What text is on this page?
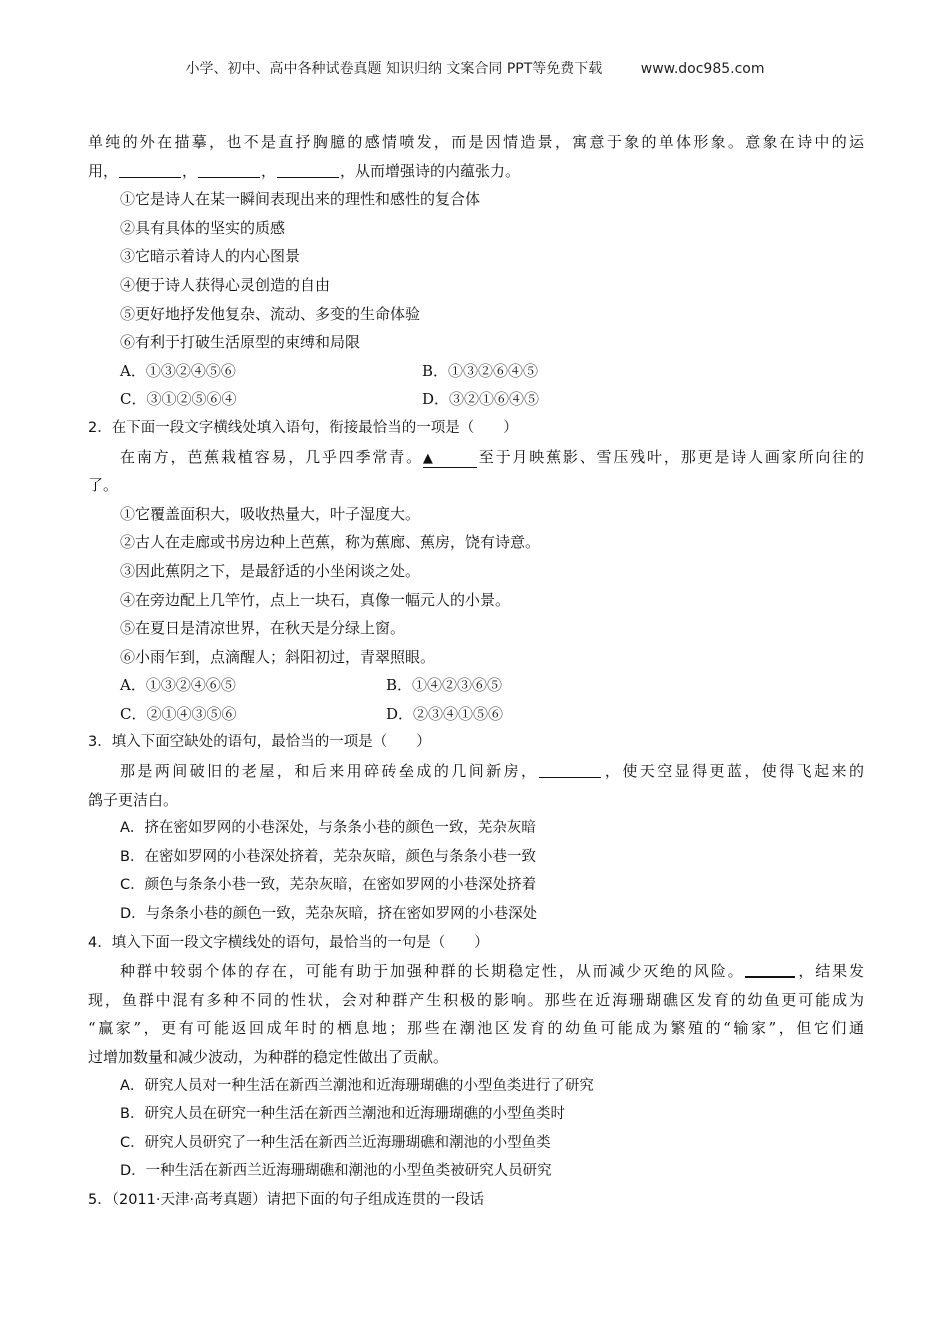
小学、初中、高中各种试卷真题 知识归纳 文案合同 PPT等免费下载	www.doc985.com
单纯的外在描摹，也不是直抒胸臆的感情喷发，而是因情造景，寓意于象的单体形象。意象在诗中的运
用，	，	，	，从而增强诗的内蕴张力。
①它是诗人在某一瞬间表现出来的理性和感性的复合体
②具有具体的坚实的质感
③它暗示着诗人的内心图景
④便于诗人获得心灵创造的自由
⑤更好地抒发他复杂、流动、多变的生命体验
⑥有利于打破生活原型的束缚和局限
A．①③②④⑤⑥	B．①③②⑥④⑤
C．③①②⑤⑥④	D．③②①⑥④⑤
2．在下面一段文字横线处填入语句，衔接最恰当的一项是（　　）
在南方，芭蕉栽植容易，几乎四季常青。▲	至于月映蕉影、雪压残叶，那更是诗人画家所向往的
了。
①它覆盖面积大，吸收热量大，叶子湿度大。
②古人在走廊或书房边种上芭蕉，称为蕉廊、蕉房，饶有诗意。
③因此蕉阴之下，是最舒适的小坐闲谈之处。
④在旁边配上几竿竹，点上一块石，真像一幅元人的小景。
⑤在夏日是清凉世界，在秋天是分绿上窗。
⑥小雨乍到，点滴醒人；斜阳初过，青翠照眼。
A．①③②④⑥⑤	B．①④②③⑥⑤
C．②①④③⑤⑥	D．②③④①⑤⑥
3．填入下面空缺处的语句，最恰当的一项是（　　）
那是两间破旧的老屋，和后来用碎砖垒成的几间新房，	，使天空显得更蓝，使得飞起来的
鸽子更洁白。
A．挤在密如罗网的小巷深处，与条条小巷的颜色一致，芜杂灰暗
B．在密如罗网的小巷深处挤着，芜杂灰暗，颜色与条条小巷一致
C．颜色与条条小巷一致，芜杂灰暗，在密如罗网的小巷深处挤着
D．与条条小巷的颜色一致，芜杂灰暗，挤在密如罗网的小巷深处
4．填入下面一段文字横线处的语句，最恰当的一句是（　　）
种群中较弱个体的存在，可能有助于加强种群的长期稳定性，从而减少灭绝的风险。	，结果发
现，鱼群中混有多种不同的性状，会对种群产生积极的影响。那些在近海珊瑚礁区发育的幼鱼更可能成为
“赢家”，更有可能返回成年时的栖息地；那些在潮池区发育的幼鱼可能成为繁殖的“输家”，但它们通
过增加数量和减少波动，为种群的稳定性做出了贡献。
A．研究人员对一种生活在新西兰潮池和近海珊瑚礁的小型鱼类进行了研究
B．研究人员在研究一种生活在新西兰潮池和近海珊瑚礁的小型鱼类时
C．研究人员研究了一种生活在新西兰近海珊瑚礁和潮池的小型鱼类
D．一种生活在新西兰近海珊瑚礁和潮池的小型鱼类被研究人员研究
5．（2011·天津·高考真题）请把下面的句子组成连贯的一段话
